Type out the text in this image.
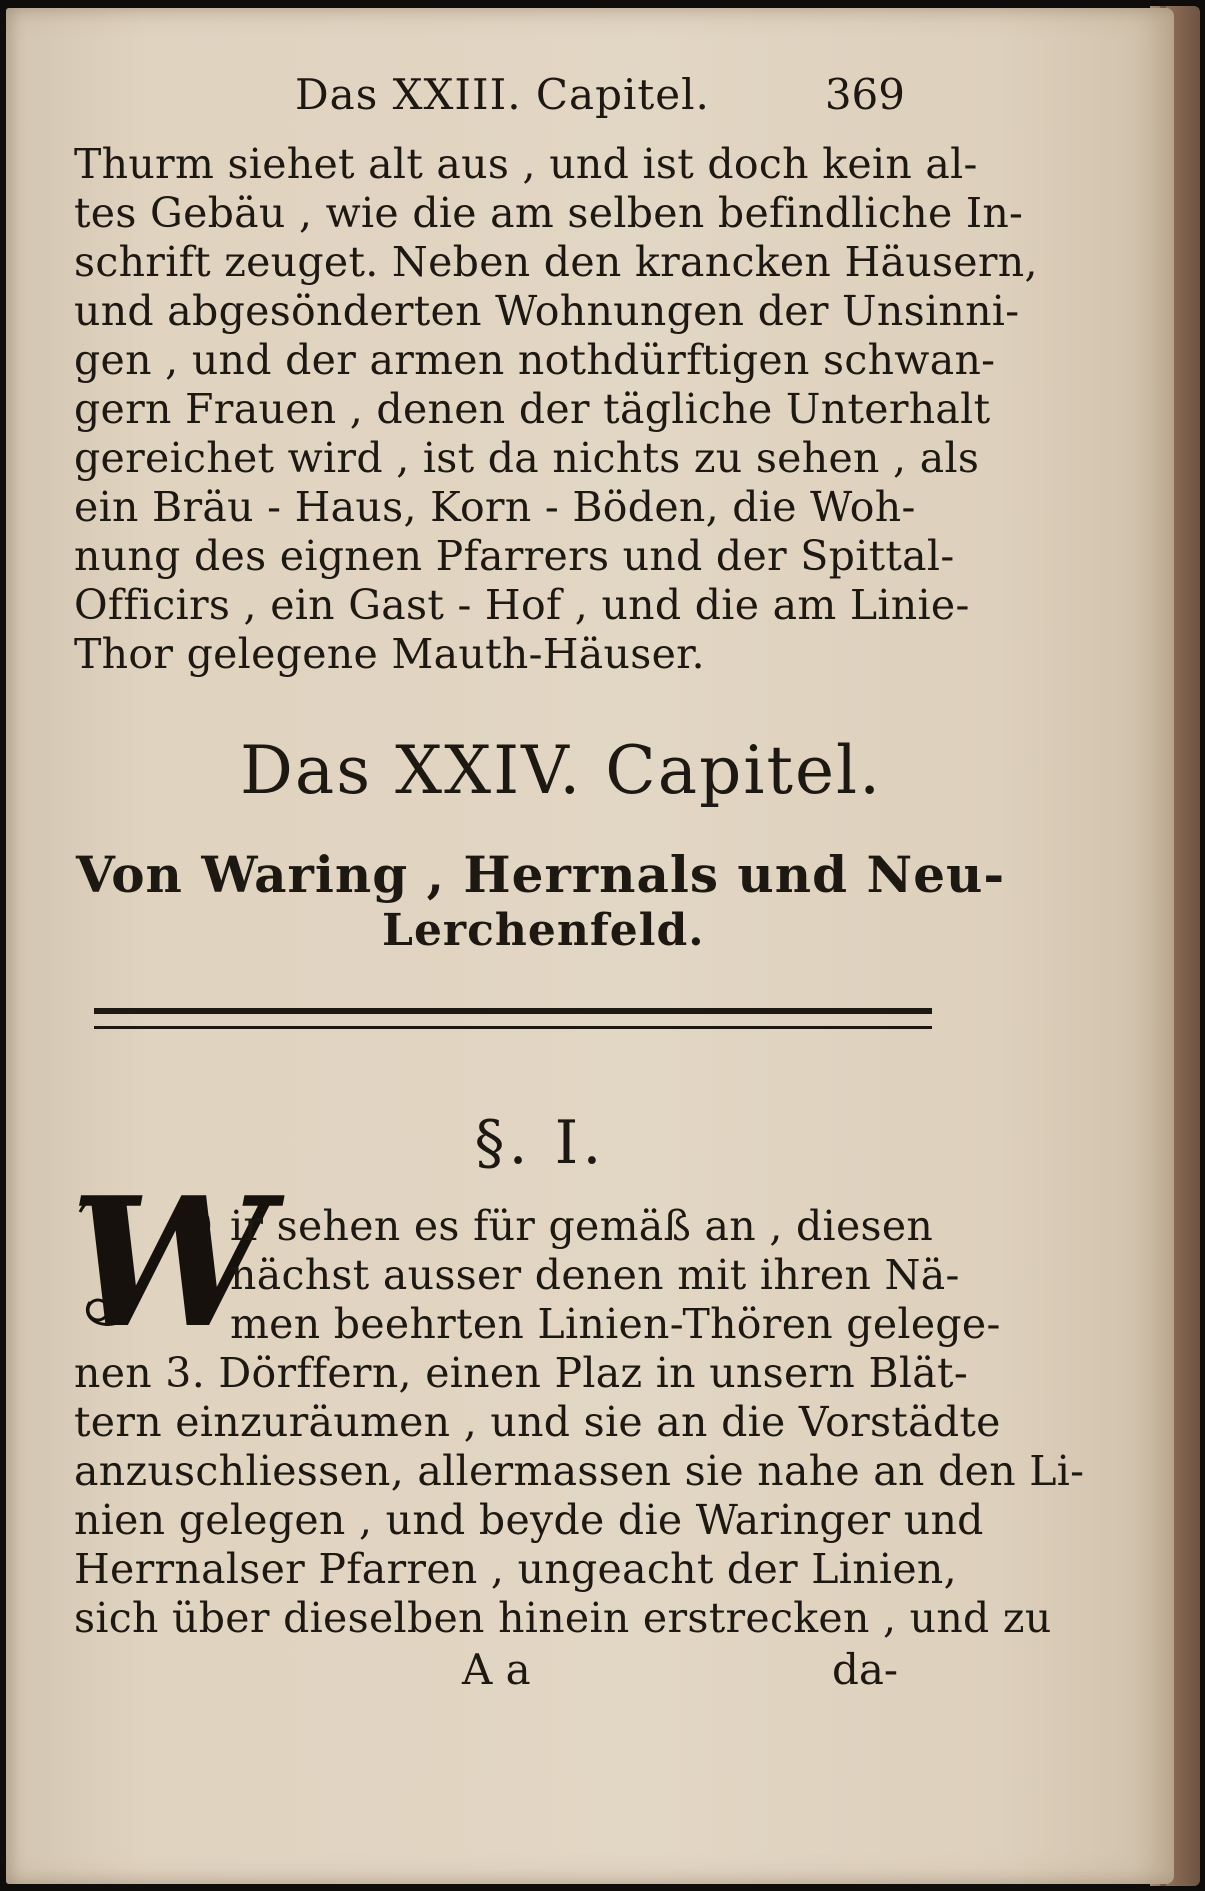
Das XXIII. Capitel.	369
Thurm siehet alt aus , und ist doch kein al-
tes Gebäu , wie die am selben befindliche In-
schrift zeuget. Neben den krancken Häusern,
und abgesönderten Wohnungen der Unsinni-
gen , und der armen nothdürftigen schwan-
gern Frauen , denen der tägliche Unterhalt
gereichet wird , ist da nichts zu sehen , als
ein Bräu - Haus, Korn - Böden, die Woh-
nung des eignen Pfarrers und der Spittal-
Officirs , ein Gast - Hof , und die am Linie-
Thor gelegene Mauth-Häuser.
Das XXIV. Capitel.
Von Waring , Herrnals und Neu-
Lerchenfeld.
§. I.
W
ir sehen es für gemäß an , diesen
nächst ausser denen mit ihren Nä-
men beehrten Linien-Thören gelege-
nen 3. Dörffern, einen Plaz in unsern Blät-
tern einzuräumen , und sie an die Vorstädte
anzuschliessen, allermassen sie nahe an den Li-
nien gelegen , und beyde die Waringer und
Herrnalser Pfarren , ungeacht der Linien,
sich über dieselben hinein erstrecken , und zu
A a	da-
